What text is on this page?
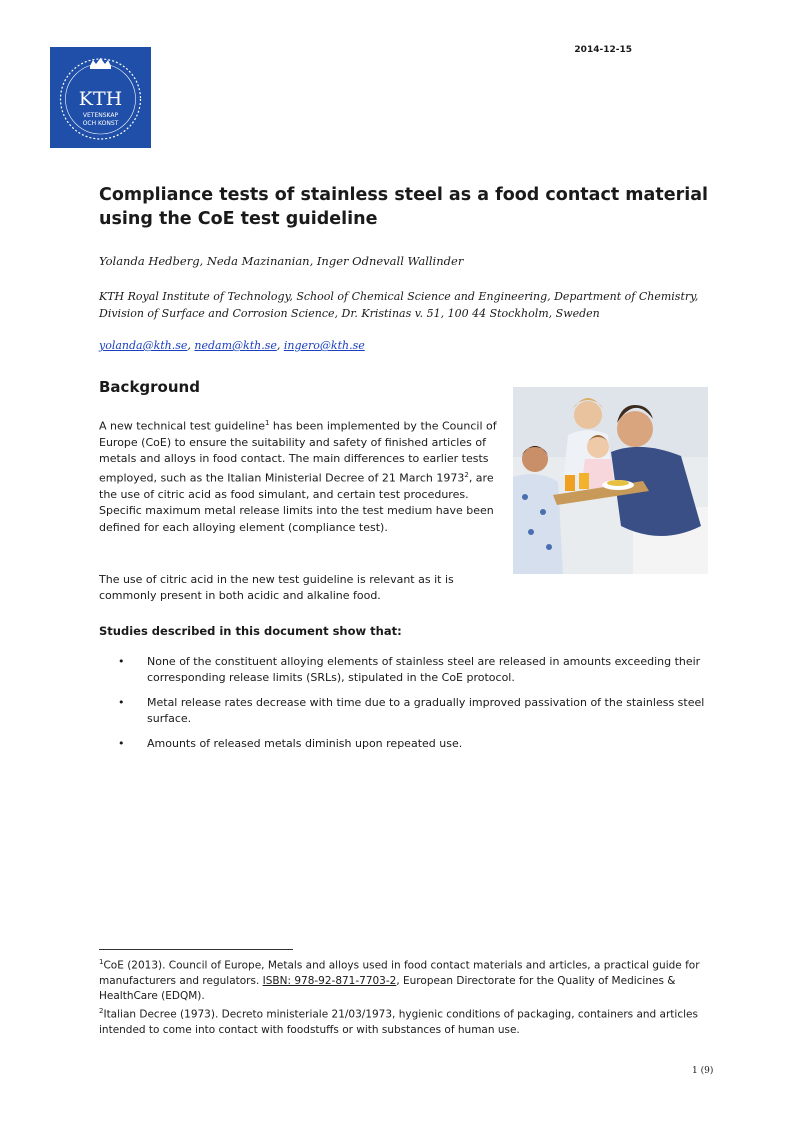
KTH
VETENSKAP
OCH KONST
2014-12-15
Compliance tests of stainless steel as a food contact material using the CoE test guideline
Yolanda Hedberg, Neda Mazinanian, Inger Odnevall Wallinder
KTH Royal Institute of Technology, School of Chemical Science and Engineering, Department of Chemistry, Division of Surface and Corrosion Science, Dr. Kristinas v. 51, 100 44 Stockholm, Sweden
yolanda@kth.se, nedam@kth.se, ingero@kth.se
Background
A new technical test guideline$^1$ has been implemented by the Council of Europe (CoE) to ensure the suitability and safety of finished articles of metals and alloys in food contact. The main differences to earlier tests employed, such as the Italian Ministerial Decree of 21 March 1973$^2$, are the use of citric acid as food simulant, and certain test procedures. Specific maximum metal release limits into the test medium have been defined for each alloying element (compliance test).
The use of citric acid in the new test guideline is relevant as it is commonly present in both acidic and alkaline food.
Studies described in this document show that:
• None of the constituent alloying elements of stainless steel are released in amounts exceeding their corresponding release limits (SRLs), stipulated in the CoE protocol.
• Metal release rates decrease with time due to a gradually improved passivation of the stainless steel surface.
• Amounts of released metals diminish upon repeated use.
$^1$CoE (2013). Council of Europe, Metals and alloys used in food contact materials and articles, a practical guide for manufacturers and regulators. ISBN: 978-92-871-7703-2, European Directorate for the Quality of Medicines & HealthCare (EDQM).
$^2$Italian Decree (1973). Decreto ministeriale 21/03/1973, hygienic conditions of packaging, containers and articles intended to come into contact with foodstuffs or with substances of human use.
1 (9)
